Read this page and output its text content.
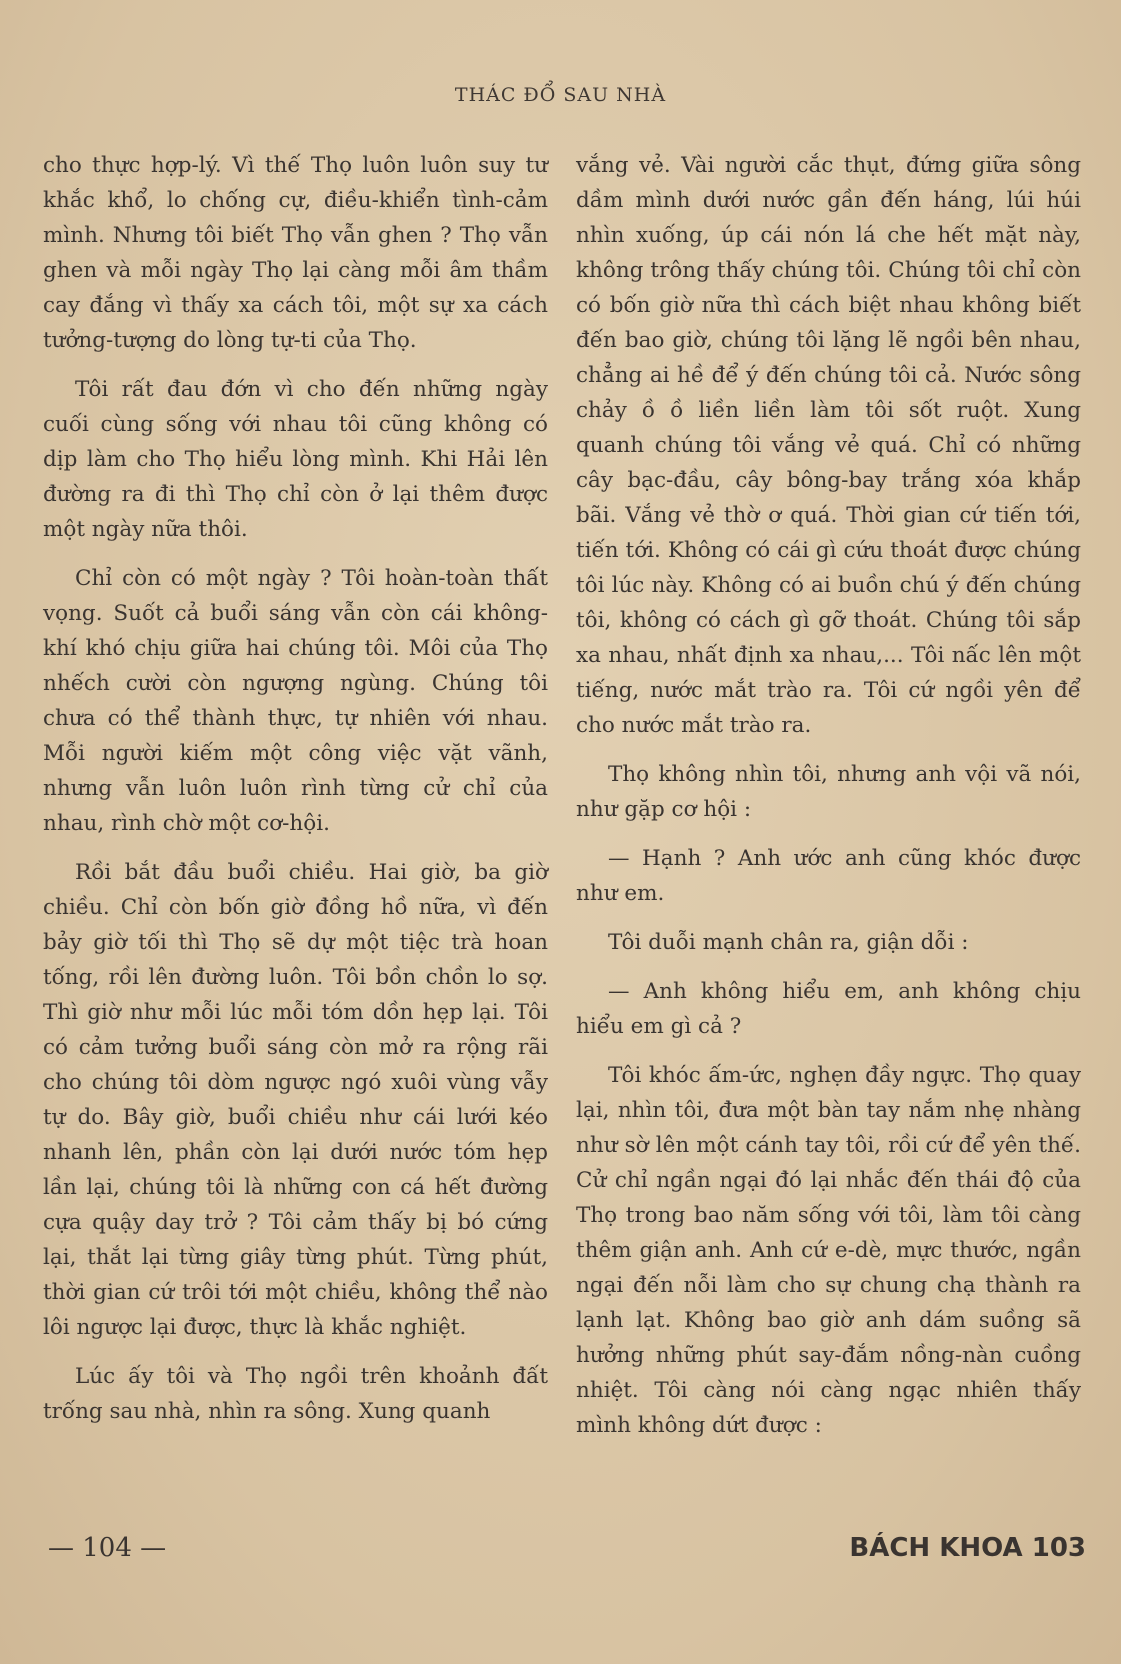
THÁC ĐỔ SAU NHÀ

cho thực hợp-lý. Vì thế Thọ luôn luôn suy tư khắc khổ, lo chống cự, điều-khiển tình-cảm mình. Nhưng tôi biết Thọ vẫn ghen ? Thọ vẫn ghen và mỗi ngày Thọ lại càng mỗi âm thầm cay đắng vì thấy xa cách tôi, một sự xa cách tưởng-tượng do lòng tự-ti của Thọ.

Tôi rất đau đớn vì cho đến những ngày cuối cùng sống với nhau tôi cũng không có dịp làm cho Thọ hiểu lòng mình. Khi Hải lên đường ra đi thì Thọ chỉ còn ở lại thêm được một ngày nữa thôi.

Chỉ còn có một ngày ? Tôi hoàn-toàn thất vọng. Suốt cả buổi sáng vẫn còn cái không-khí khó chịu giữa hai chúng tôi. Môi của Thọ nhếch cười còn ngượng ngùng. Chúng tôi chưa có thể thành thực, tự nhiên với nhau. Mỗi người kiếm một công việc vặt vãnh, nhưng vẫn luôn luôn rình từng cử chỉ của nhau, rình chờ một cơ-hội.

Rồi bắt đầu buổi chiều. Hai giờ, ba giờ chiều. Chỉ còn bốn giờ đồng hồ nữa, vì đến bảy giờ tối thì Thọ sẽ dự một tiệc trà hoan tống, rồi lên đường luôn. Tôi bồn chồn lo sợ. Thì giờ như mỗi lúc mỗi tóm dồn hẹp lại. Tôi có cảm tưởng buổi sáng còn mở ra rộng rãi cho chúng tôi dòm ngược ngó xuôi vùng vẫy tự do. Bây giờ, buổi chiều như cái lưới kéo nhanh lên, phần còn lại dưới nước tóm hẹp lần lại, chúng tôi là những con cá hết đường cựa quậy day trở ? Tôi cảm thấy bị bó cứng lại, thắt lại từng giây từng phút. Từng phút, thời gian cứ trôi tới một chiều, không thể nào lôi ngược lại được, thực là khắc nghiệt.

Lúc ấy tôi và Thọ ngồi trên khoảnh đất trống sau nhà, nhìn ra sông. Xung quanh

vắng vẻ. Vài người cắc thụt, đứng giữa sông dầm mình dưới nước gần đến háng, lúi húi nhìn xuống, úp cái nón lá che hết mặt này, không trông thấy chúng tôi. Chúng tôi chỉ còn có bốn giờ nữa thì cách biệt nhau không biết đến bao giờ, chúng tôi lặng lẽ ngồi bên nhau, chẳng ai hề để ý đến chúng tôi cả. Nước sông chảy ồ ồ liền liền làm tôi sốt ruột. Xung quanh chúng tôi vắng vẻ quá. Chỉ có những cây bạc-đầu, cây bông-bay trắng xóa khắp bãi. Vắng vẻ thờ ơ quá. Thời gian cứ tiến tới, tiến tới. Không có cái gì cứu thoát được chúng tôi lúc này. Không có ai buồn chú ý đến chúng tôi, không có cách gì gỡ thoát. Chúng tôi sắp xa nhau, nhất định xa nhau,... Tôi nấc lên một tiếng, nước mắt trào ra. Tôi cứ ngồi yên để cho nước mắt trào ra.

Thọ không nhìn tôi, nhưng anh vội vã nói, như gặp cơ hội :

— Hạnh ? Anh ước anh cũng khóc được như em.

Tôi duỗi mạnh chân ra, giận dỗi :

— Anh không hiểu em, anh không chịu hiểu em gì cả ?

Tôi khóc ấm-ức, nghẹn đầy ngực. Thọ quay lại, nhìn tôi, đưa một bàn tay nắm nhẹ nhàng như sờ lên một cánh tay tôi, rồi cứ để yên thế. Cử chỉ ngần ngại đó lại nhắc đến thái độ của Thọ trong bao năm sống với tôi, làm tôi càng thêm giận anh. Anh cứ e-dè, mực thước, ngần ngại đến nỗi làm cho sự chung chạ thành ra lạnh lạt. Không bao giờ anh dám suồng sã hưởng những phút say-đắm nồng-nàn cuồng nhiệt. Tôi càng nói càng ngạc nhiên thấy mình không dứt được :

— 104 —	BÁCH KHOA 103
